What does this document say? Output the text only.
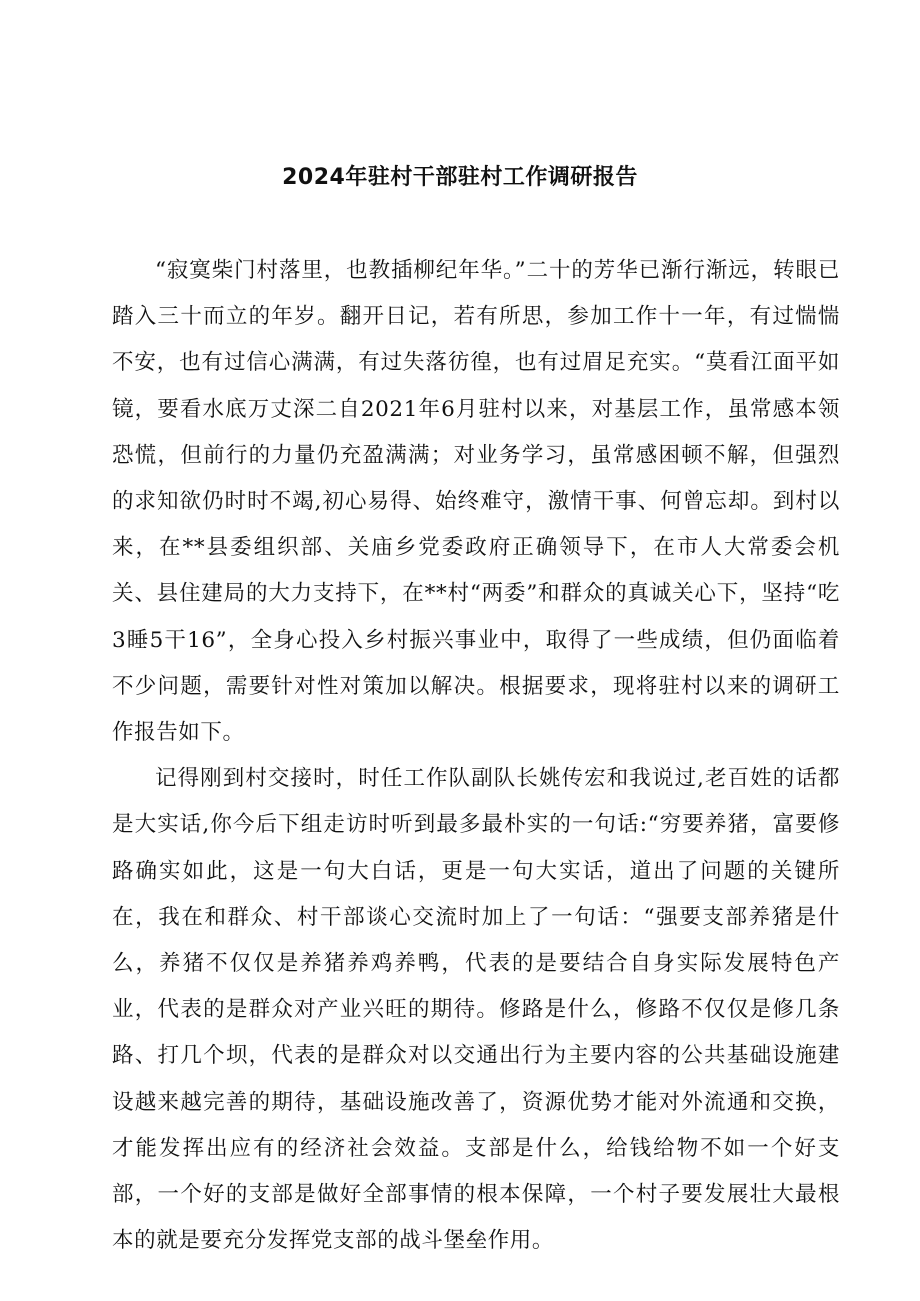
2024年驻村干部驻村工作调研报告

“寂寞柴门村落里，也教插柳纪年华。”二十的芳华已渐行渐远，转眼已踏入三十而立的年岁。翻开日记，若有所思，参加工作十一年，有过惴惴不安，也有过信心满满，有过失落彷徨，也有过眉足充实。“莫看江面平如镜，要看水底万丈深二自2021年6月驻村以来，对基层工作，虽常感本领恐慌，但前行的力量仍充盈满满；对业务学习，虽常感困顿不解，但强烈的求知欲仍时时不竭,初心易得、始终难守，激情干事、何曾忘却。到村以来，在**县委组织部、关庙乡党委政府正确领导下，在市人大常委会机关、县住建局的大力支持下，在**村“两委”和群众的真诚关心下，坚持“吃3睡5干16”，全身心投入乡村振兴事业中，取得了一些成绩，但仍面临着不少问题，需要针对性对策加以解决。根据要求，现将驻村以来的调研工作报告如下。

记得刚到村交接时，时任工作队副队长姚传宏和我说过,老百姓的话都是大实话,你今后下组走访时听到最多最朴实的一句话:“穷要养猪，富要修路确实如此，这是一句大白话，更是一句大实话，道出了问题的关键所在，我在和群众、村干部谈心交流时加上了一句话：“强要支部养猪是什么，养猪不仅仅是养猪养鸡养鸭，代表的是要结合自身实际发展特色产业，代表的是群众对产业兴旺的期待。修路是什么，修路不仅仅是修几条路、打几个坝，代表的是群众对以交通出行为主要内容的公共基础设施建设越来越完善的期待，基础设施改善了，资源优势才能对外流通和交换，才能发挥出应有的经济社会效益。支部是什么，给钱给物不如一个好支部，一个好的支部是做好全部事情的根本保障，一个村子要发展壮大最根本的就是要充分发挥党支部的战斗堡垒作用。
